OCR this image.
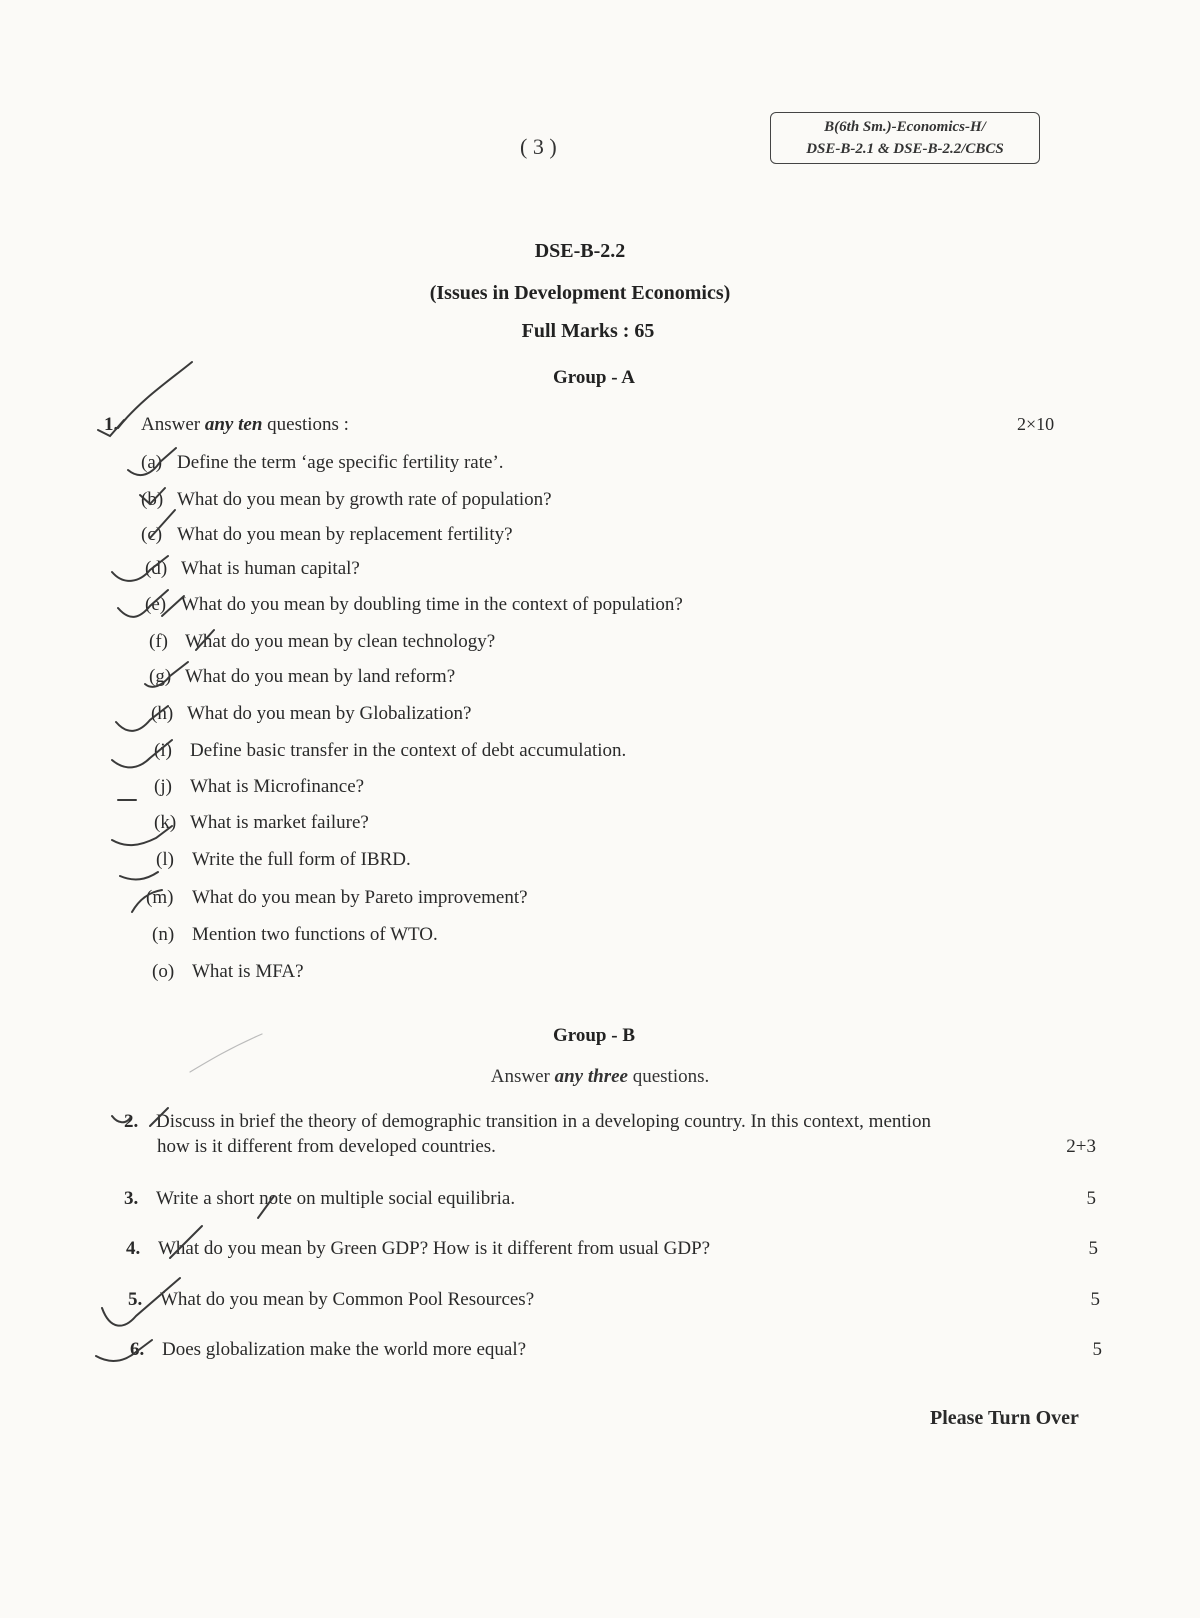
( 3 )
B(6th Sm.)-Economics-H/
DSE-B-2.1 & DSE-B-2.2/CBCS
DSE-B-2.2
(Issues in Development Economics)
Full Marks : 65
Group - A
1. Answer any ten questions :	2×10
(a) Define the term ‘age specific fertility rate’.
(b) What do you mean by growth rate of population?
(c) What do you mean by replacement fertility?
(d) What is human capital?
(e) What do you mean by doubling time in the context of population?
(f) What do you mean by clean technology?
(g) What do you mean by land reform?
(h) What do you mean by Globalization?
(i) Define basic transfer in the context of debt accumulation.
(j) What is Microfinance?
(k) What is market failure?
(l) Write the full form of IBRD.
(m) What do you mean by Pareto improvement?
(n) Mention two functions of WTO.
(o) What is MFA?
Group - B
Answer any three questions.
2. Discuss in brief the theory of demographic transition in a developing country. In this context, mention
how is it different from developed countries.	2+3
3. Write a short note on multiple social equilibria.	5
4. What do you mean by Green GDP? How is it different from usual GDP?	5
5. What do you mean by Common Pool Resources?	5
6. Does globalization make the world more equal?	5
Please Turn Over
